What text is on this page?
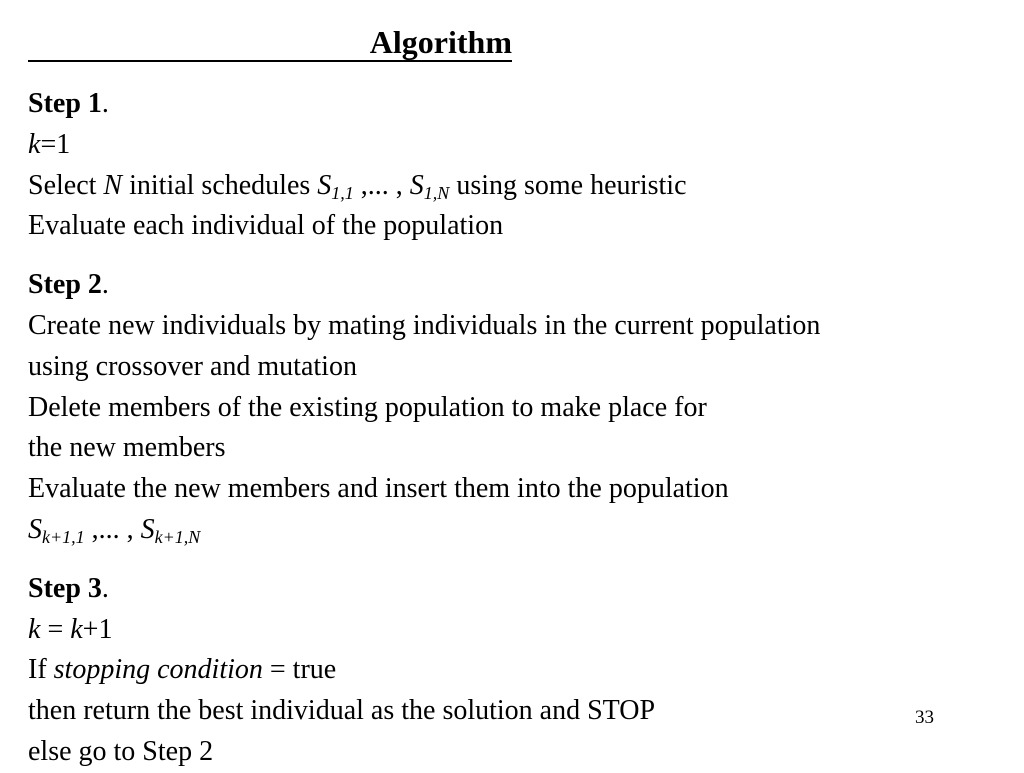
Algorithm
Step 1.
k=1
Select N initial schedules $S_{1,1}$ ,... , $S_{1,N}$ using some heuristic
Evaluate each individual of the population
Step 2.
Create new individuals by mating individuals in the current population
using crossover and mutation
Delete members of the existing population to make place for
the new members
Evaluate the new members and insert them into the population
$S_{k+1,1}$ ,... , $S_{k+1,N}$
Step 3.
k = k+1
If stopping condition = true
then return the best individual as the solution and STOP
else go to Step 2
33
